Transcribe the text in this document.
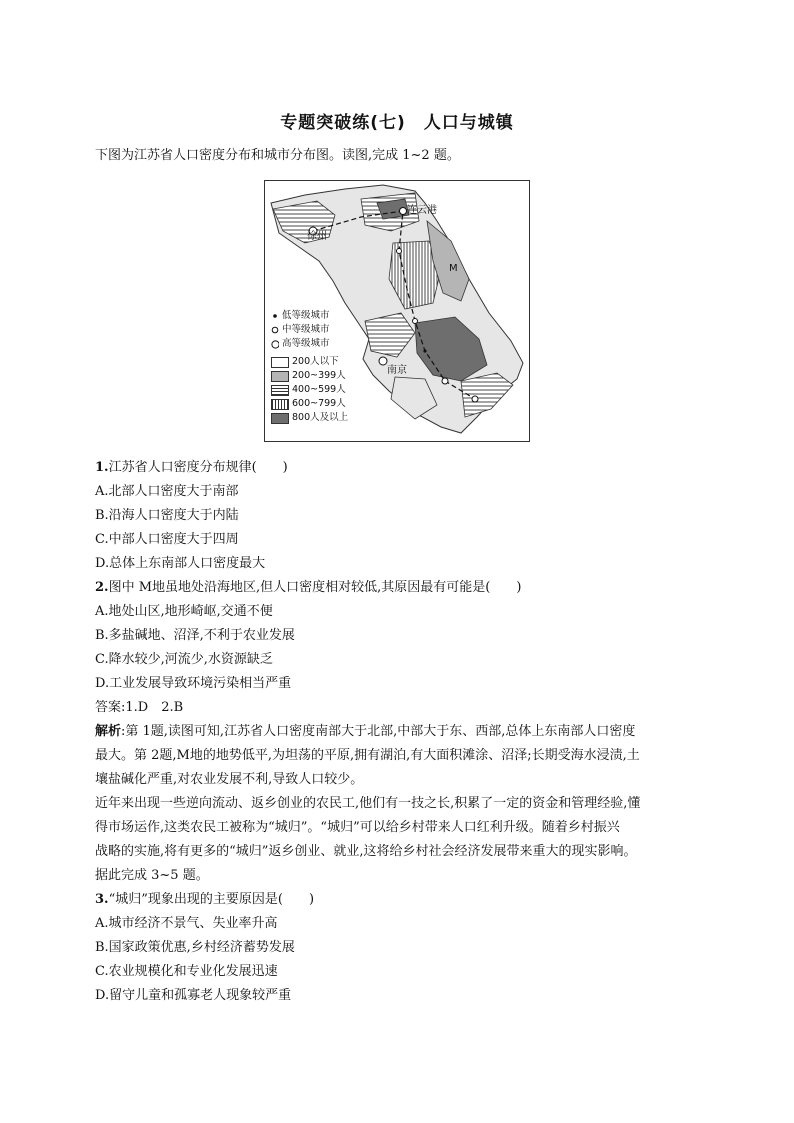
专题突破练(七)　人口与城镇
下图为江苏省人口密度分布和城市分布图。读图,完成 1~2 题。
连云港
徐州
M
南京
低等级城市
中等级城市
高等级城市
200人以下
200~399人
400~599人
600~799人
800人及以上
1.江苏省人口密度分布规律(　　)
A.北部人口密度大于南部
B.沿海人口密度大于内陆
C.中部人口密度大于四周
D.总体上东南部人口密度最大
2.图中 M地虽地处沿海地区,但人口密度相对较低,其原因最有可能是(　　)
A.地处山区,地形崎岖,交通不便
B.多盐碱地、沼泽,不利于农业发展
C.降水较少,河流少,水资源缺乏
D.工业发展导致环境污染相当严重
答案:1.D　2.B
解析:第 1题,读图可知,江苏省人口密度南部大于北部,中部大于东、西部,总体上东南部人口密度
最大。第 2题,M地的地势低平,为坦荡的平原,拥有湖泊,有大面积滩涂、沼泽;长期受海水浸渍,土
壤盐碱化严重,对农业发展不利,导致人口较少。
近年来出现一些逆向流动、返乡创业的农民工,他们有一技之长,积累了一定的资金和管理经验,懂
得市场运作,这类农民工被称为“城归”。“城归”可以给乡村带来人口红利升级。随着乡村振兴
战略的实施,将有更多的“城归”返乡创业、就业,这将给乡村社会经济发展带来重大的现实影响。
据此完成 3~5 题。
3.“城归”现象出现的主要原因是(　　)
A.城市经济不景气、失业率升高
B.国家政策优惠,乡村经济蓄势发展
C.农业规模化和专业化发展迅速
D.留守儿童和孤寡老人现象较严重
